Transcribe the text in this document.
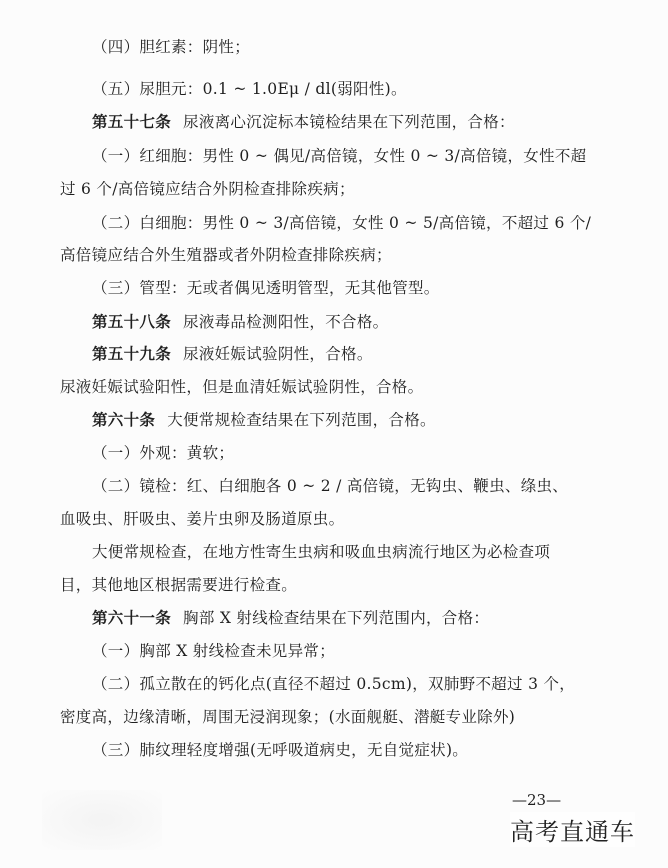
（四）胆红素：阴性；
（五）尿胆元：0.1 ~ 1.0Eμ / dl(弱阳性)。
第五十七条 尿液离心沉淀标本镜检结果在下列范围，合格：
（一）红细胞：男性 0 ~ 偶见/高倍镜，女性 0 ~ 3/高倍镜，女性不超
过 6 个/高倍镜应结合外阴检查排除疾病；
（二）白细胞：男性 0 ~ 3/高倍镜，女性 0 ~ 5/高倍镜，不超过 6 个/
高倍镜应结合外生殖器或者外阴检查排除疾病；
（三）管型：无或者偶见透明管型，无其他管型。
第五十八条 尿液毒品检测阳性，不合格。
第五十九条 尿液妊娠试验阴性，合格。
尿液妊娠试验阳性，但是血清妊娠试验阴性，合格。
第六十条 大便常规检查结果在下列范围，合格。
（一）外观：黄软；
（二）镜检：红、白细胞各 0 ~ 2 / 高倍镜，无钩虫、鞭虫、绦虫、
血吸虫、肝吸虫、姜片虫卵及肠道原虫。
大便常规检查，在地方性寄生虫病和吸血虫病流行地区为必检查项
目，其他地区根据需要进行检查。
第六十一条 胸部 X 射线检查结果在下列范围内，合格：
（一）胸部 X 射线检查未见异常；
（二）孤立散在的钙化点(直径不超过 0.5cm)，双肺野不超过 3 个，
密度高，边缘清晰，周围无浸润现象；(水面舰艇、潜艇专业除外)
（三）肺纹理轻度增强(无呼吸道病史，无自觉症状)。
—23—
高考直通车
